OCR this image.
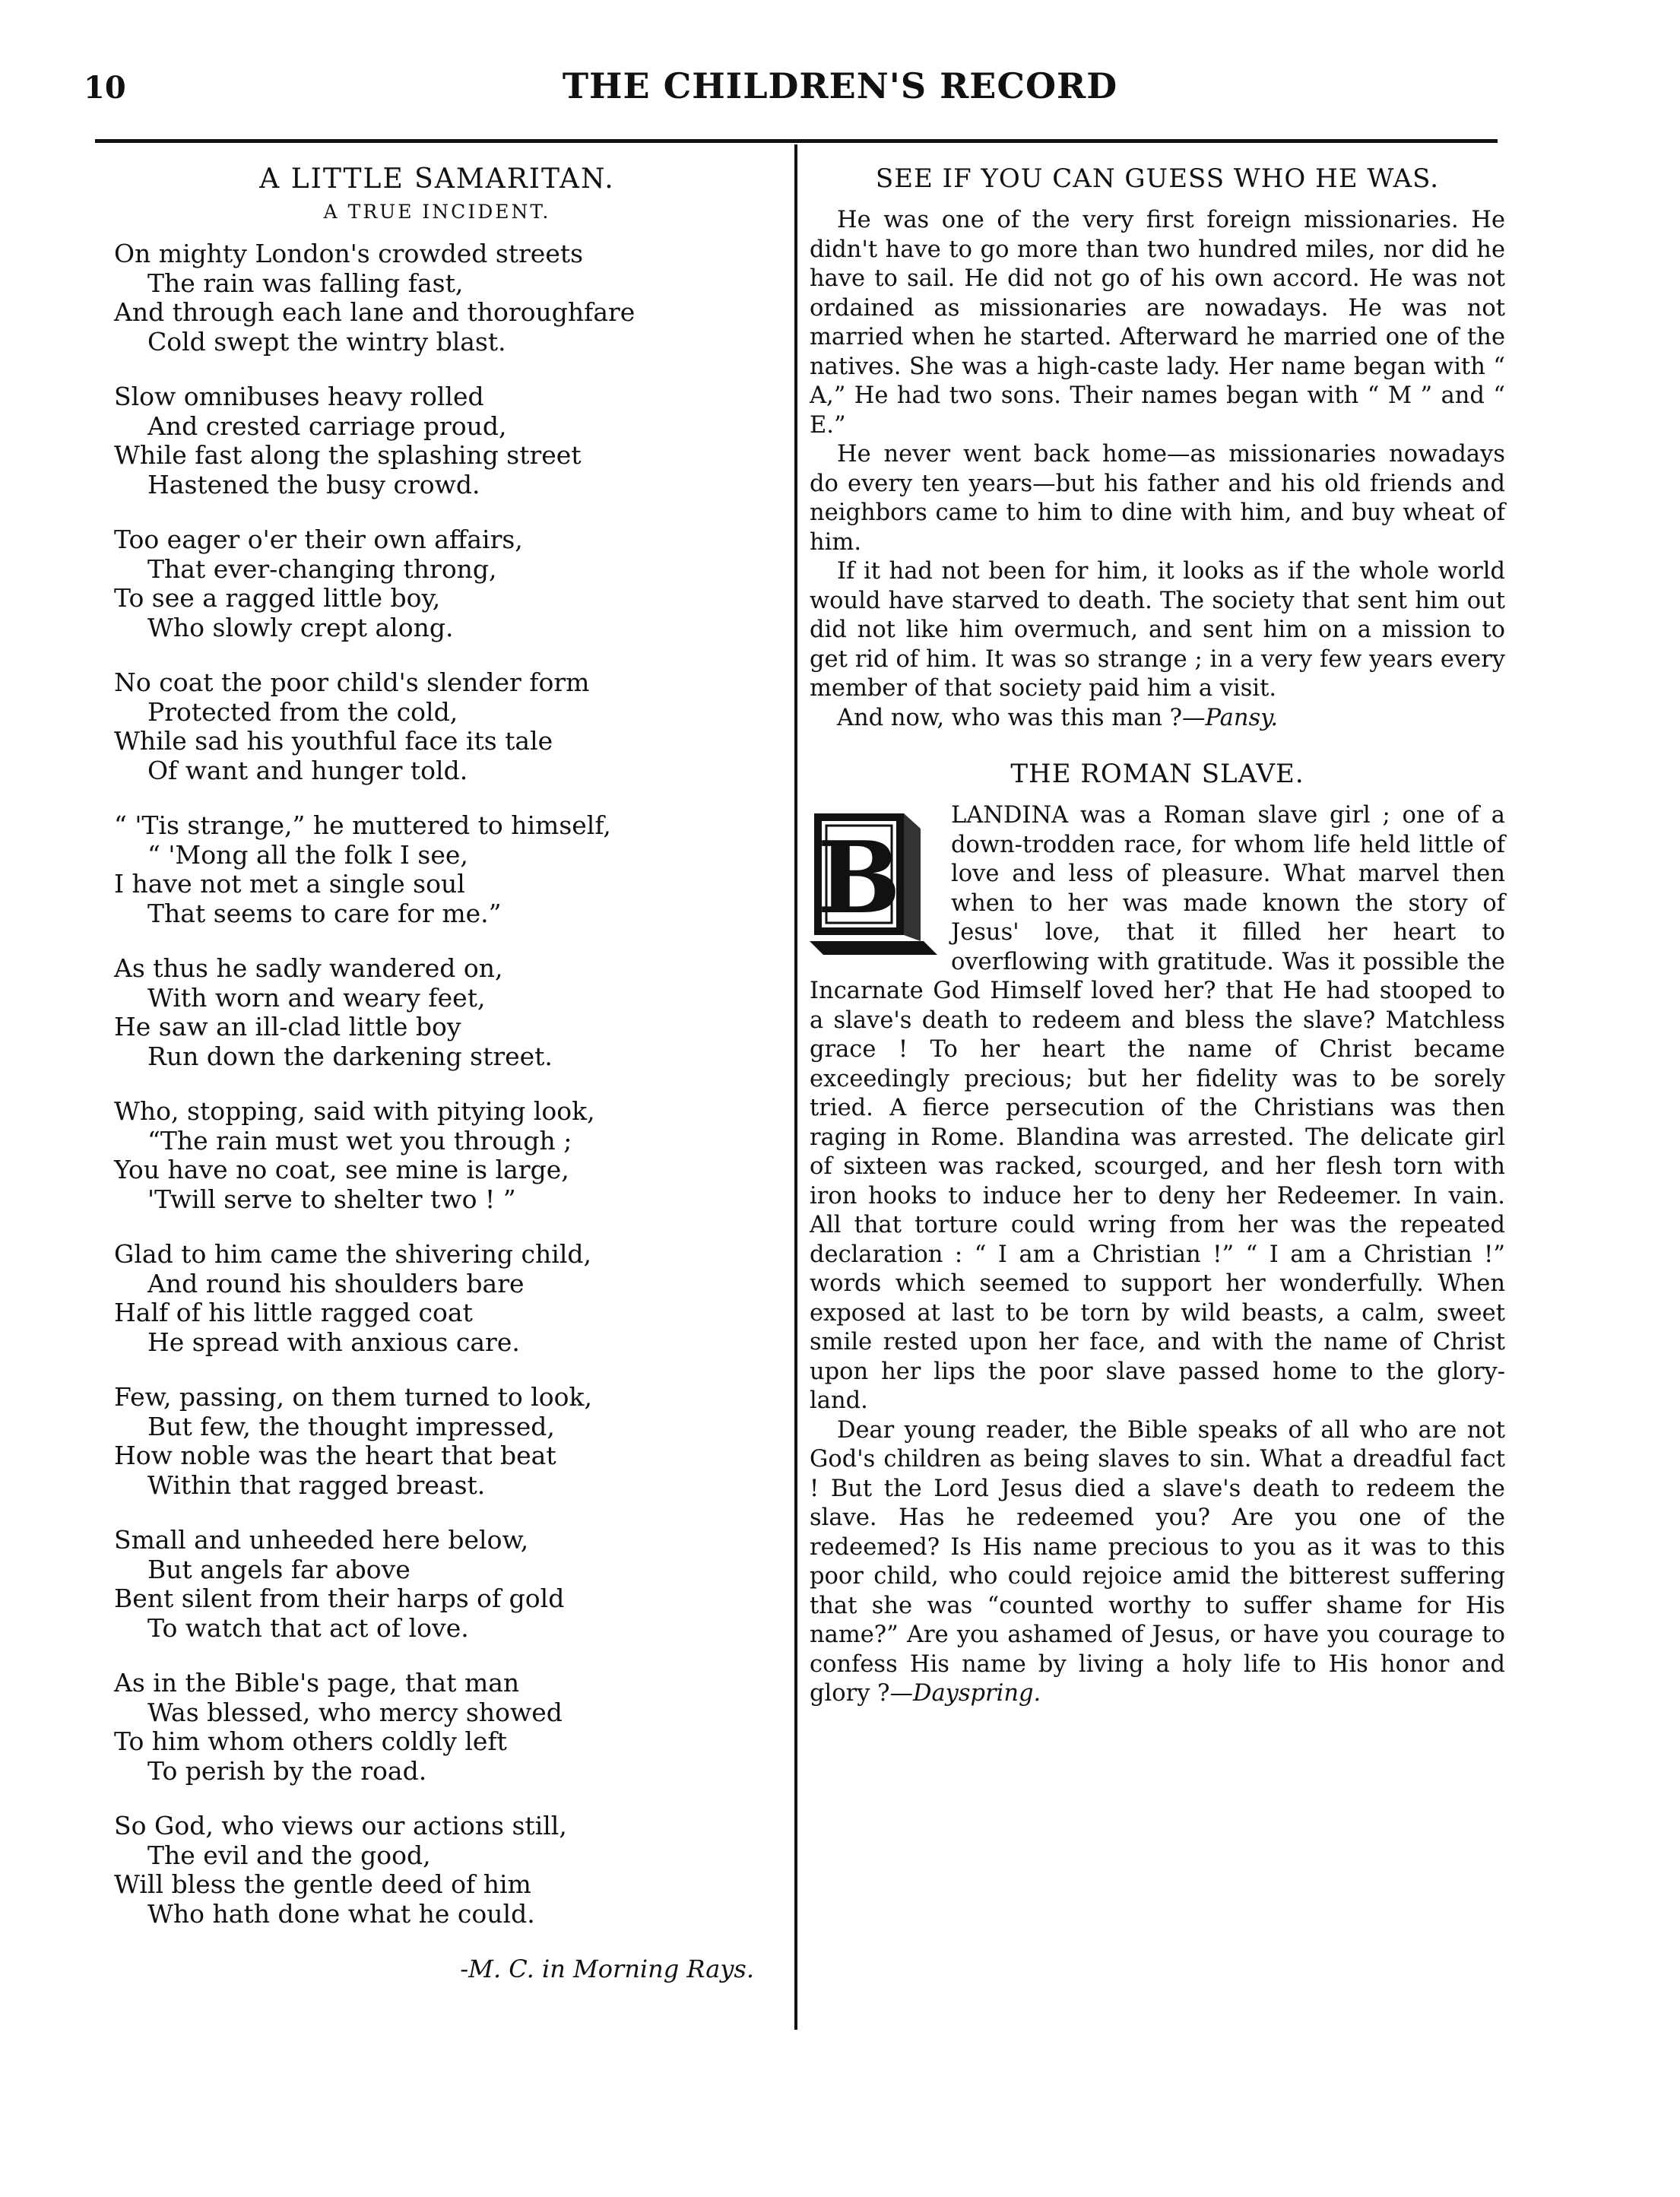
10	THE CHILDREN'S RECORD
A LITTLE SAMARITAN.
A TRUE INCIDENT.
On mighty London's crowded streets
The rain was falling fast,
And through each lane and thoroughfare
Cold swept the wintry blast.
Slow omnibuses heavy rolled
And crested carriage proud,
While fast along the splashing street
Hastened the busy crowd.
Too eager o'er their own affairs,
That ever-changing throng,
To see a ragged little boy,
Who slowly crept along.
No coat the poor child's slender form
Protected from the cold,
While sad his youthful face its tale
Of want and hunger told.
“ 'Tis strange,” he muttered to himself,
“ 'Mong all the folk I see,
I have not met a single soul
That seems to care for me.”
As thus he sadly wandered on,
With worn and weary feet,
He saw an ill-clad little boy
Run down the darkening street.
Who, stopping, said with pitying look,
“The rain must wet you through ;
You have no coat, see mine is large,
'Twill serve to shelter two ! ”
Glad to him came the shivering child,
And round his shoulders bare
Half of his little ragged coat
He spread with anxious care.
Few, passing, on them turned to look,
But few, the thought impressed,
How noble was the heart that beat
Within that ragged breast.
Small and unheeded here below,
But angels far above
Bent silent from their harps of gold
To watch that act of love.
As in the Bible's page, that man
Was blessed, who mercy showed
To him whom others coldly left
To perish by the road.
So God, who views our actions still,
The evil and the good,
Will bless the gentle deed of him
Who hath done what he could.
-M. C. in Morning Rays.
SEE IF YOU CAN GUESS WHO HE WAS.

He was one of the very first foreign missionaries. He didn't have to go more than two hundred miles, nor did he have to sail. He did not go of his own accord. He was not ordained as missionaries are nowadays. He was not married when he started. Afterward he married one of the natives. She was a high-caste lady. Her name began with “ A,” He had two sons. Their names began with “ M ” and “ E.”

He never went back home—as missionaries nowadays do every ten years—but his father and his old friends and neighbors came to him to dine with him, and buy wheat of him.

If it had not been for him, it looks as if the whole world would have starved to death. The society that sent him out did not like him overmuch, and sent him on a mission to get rid of him. It was so strange ; in a very few years every member of that society paid him a visit.

And now, who was this man ?—Pansy.

THE ROMAN SLAVE.
B

LANDINA was a Roman slave girl ; one of a down-trodden race, for whom life held little of love and less of pleasure. What marvel then when to her was made known the story of Jesus' love, that it filled her heart to overflowing with gratitude. Was it possible the Incarnate God Himself loved her? that He had stooped to a slave's death to redeem and bless the slave? Matchless grace ! To her heart the name of Christ became exceedingly precious; but her fidelity was to be sorely tried. A fierce persecution of the Christians was then raging in Rome. Blandina was arrested. The delicate girl of sixteen was racked, scourged, and her flesh torn with iron hooks to induce her to deny her Redeemer. In vain. All that torture could wring from her was the repeated declaration : “ I am a Christian !” “ I am a Christian !” words which seemed to support her wonderfully. When exposed at last to be torn by wild beasts, a calm, sweet smile rested upon her face, and with the name of Christ upon her lips the poor slave passed home to the glory-land.

Dear young reader, the Bible speaks of all who are not God's children as being slaves to sin. What a dreadful fact ! But the Lord Jesus died a slave's death to redeem the slave. Has he redeemed you? Are you one of the redeemed? Is His name precious to you as it was to this poor child, who could rejoice amid the bitterest suffering that she was “counted worthy to suffer shame for His name?” Are you ashamed of Jesus, or have you courage to confess His name by living a holy life to His honor and glory ?—Dayspring.
